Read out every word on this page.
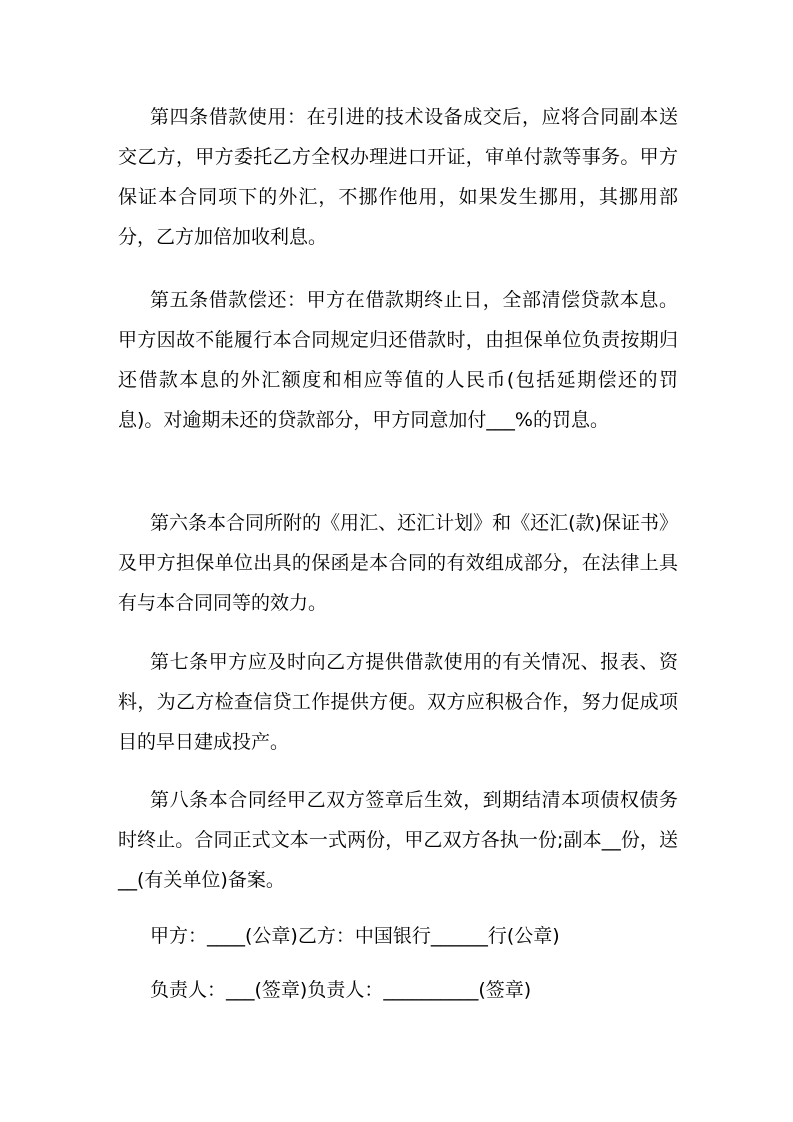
第四条借款使用：在引进的技术设备成交后，应将合同副本送交乙方，甲方委托乙方全权办理进口开证，审单付款等事务。甲方保证本合同项下的外汇，不挪作他用，如果发生挪用，其挪用部分，乙方加倍加收利息。

第五条借款偿还：甲方在借款期终止日，全部清偿贷款本息。甲方因故不能履行本合同规定归还借款时，由担保单位负责按期归还借款本息的外汇额度和相应等值的人民币(包括延期偿还的罚息)。对逾期未还的贷款部分，甲方同意加付___%的罚息。

第六条本合同所附的《用汇、还汇计划》和《还汇(款)保证书》及甲方担保单位出具的保函是本合同的有效组成部分，在法律上具有与本合同同等的效力。

第七条甲方应及时向乙方提供借款使用的有关情况、报表、资料，为乙方检查信贷工作提供方便。双方应积极合作，努力促成项目的早日建成投产。

第八条本合同经甲乙双方签章后生效，到期结清本项债权债务时终止。合同正式文本一式两份，甲乙双方各执一份;副本__份，送__(有关单位)备案。

甲方：____(公章)乙方：中国银行______行(公章)

负责人：___(签章)负责人：__________(签章)
